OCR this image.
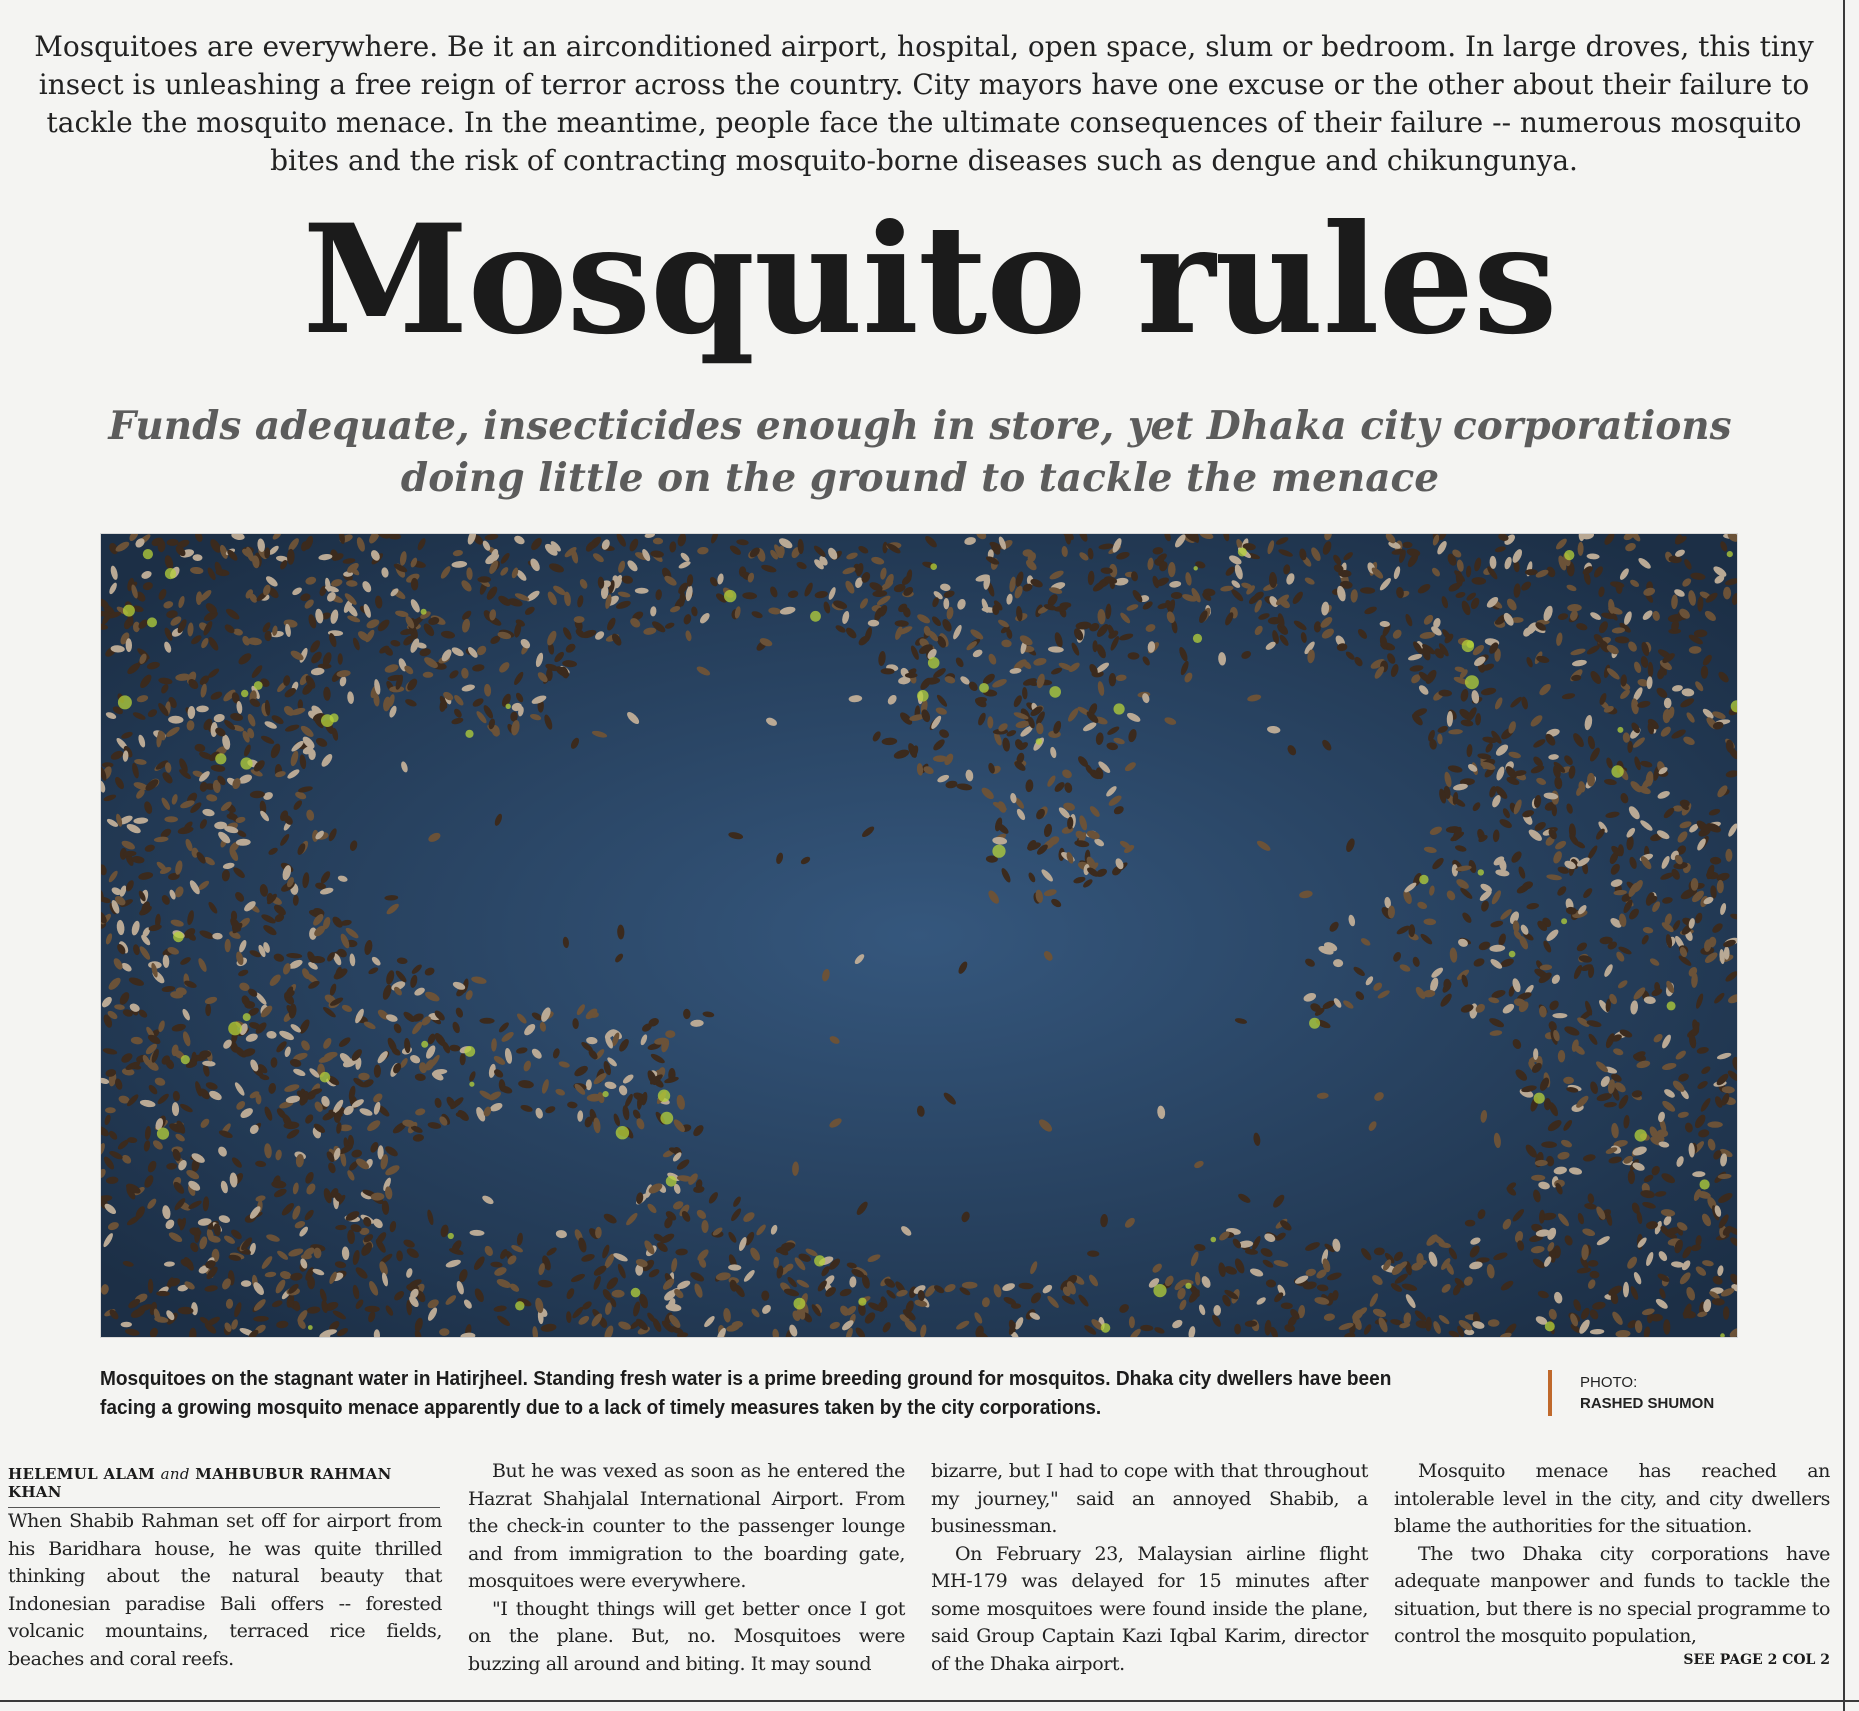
Mosquitoes are everywhere. Be it an airconditioned airport, hospital, open space, slum or bedroom. In large droves, this tiny insect is unleashing a free reign of terror across the country. City mayors have one excuse or the other about their failure to tackle the mosquito menace. In the meantime, people face the ultimate consequences of their failure -- numerous mosquito bites and the risk of contracting mosquito-borne diseases such as dengue and chikungunya.

Mosquito rules
Funds adequate, insecticides enough in store, yet Dhaka city corporations
doing little on the ground to tackle the menace

Mosquitoes on the stagnant water in Hatirjheel. Standing fresh water is a prime breeding ground for mosquitos. Dhaka city dwellers have been facing a growing mosquito menace apparently due to a lack of timely measures taken by the city corporations.

PHOTO:
RASHED SHUMON
HELEMUL ALAM and MAHBUBUR RAHMAN KHAN

When Shabib Rahman set off for airport from his Baridhara house, he was quite thrilled thinking about the natural beauty that Indonesian paradise Bali offers -- forested volcanic mountains, terraced rice fields, beaches and coral reefs.

But he was vexed as soon as he entered the Hazrat Shahjalal International Airport. From the check-in counter to the passenger lounge and from immigration to the boarding gate, mosquitoes were everywhere.

"I thought things will get better once I got on the plane. But, no. Mosquitoes were buzzing all around and biting. It may sound

bizarre, but I had to cope with that throughout my journey," said an annoyed Shabib, a businessman.

On February 23, Malaysian airline flight MH-179 was delayed for 15 minutes after some mosquitoes were found inside the plane, said Group Captain Kazi Iqbal Karim, director of the Dhaka airport.

Mosquito menace has reached an intolerable level in the city, and city dwellers blame the authorities for the situation.

The two Dhaka city corporations have adequate manpower and funds to tackle the situation, but there is no special programme to control the mosquito population,

SEE PAGE 2 COL 2
